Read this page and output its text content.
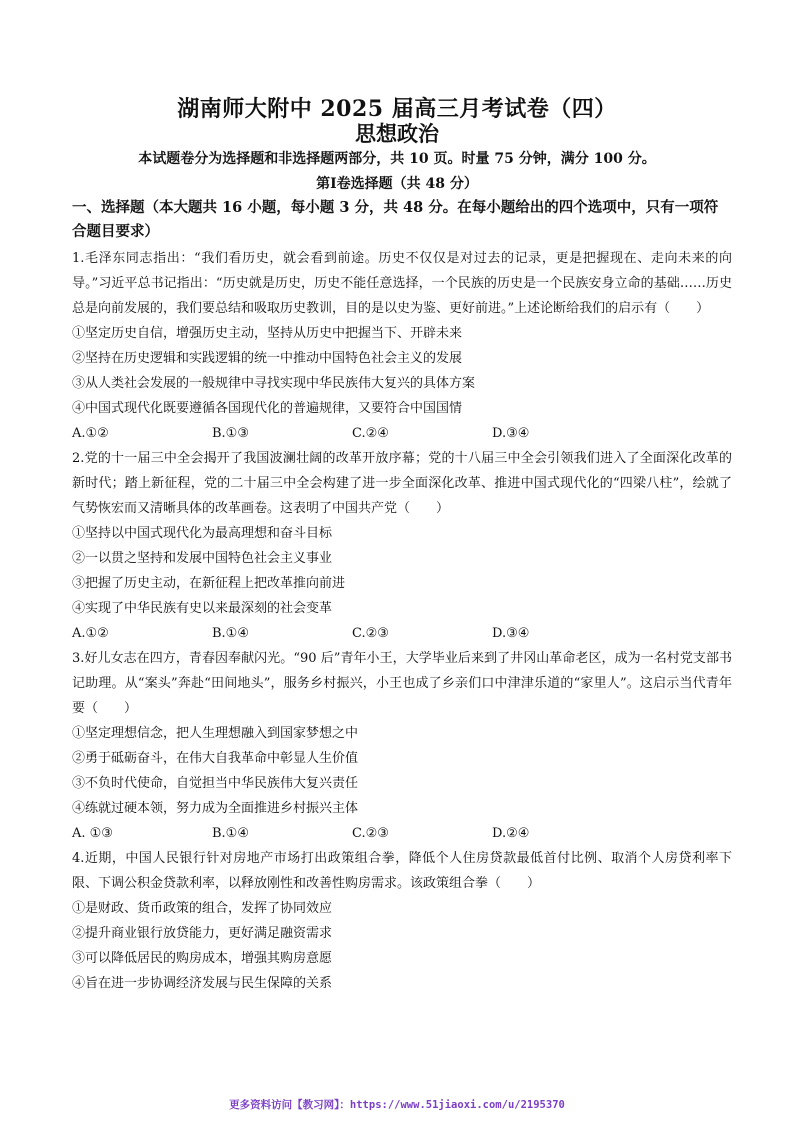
湖南师大附中 2025 届高三月考试卷（四）
思想政治
本试题卷分为选择题和非选择题两部分，共 10 页。时量 75 分钟，满分 100 分。
第Ⅰ卷选择题（共 48 分）
一、选择题（本大题共 16 小题，每小题 3 分，共 48 分。在每小题给出的四个选项中，只有一项符合题目要求）
1.毛泽东同志指出：“我们看历史，就会看到前途。历史不仅仅是对过去的记录，更是把握现在、走向未来的向导。”习近平总书记指出：“历史就是历史，历史不能任意选择，一个民族的历史是一个民族安身立命的基础……历史总是向前发展的，我们要总结和吸取历史教训，目的是以史为鉴、更好前进。”上述论断给我们的启示有（　　）
①坚定历史自信，增强历史主动，坚持从历史中把握当下、开辟未来
②坚持在历史逻辑和实践逻辑的统一中推动中国特色社会主义的发展
③从人类社会发展的一般规律中寻找实现中华民族伟大复兴的具体方案
④中国式现代化既要遵循各国现代化的普遍规律，又要符合中国国情
A.①②	B.①③	C.②④	D.③④
2.党的十一届三中全会揭开了我国波澜壮阔的改革开放序幕；党的十八届三中全会引领我们进入了全面深化改革的新时代；踏上新征程，党的二十届三中全会构建了进一步全面深化改革、推进中国式现代化的“四梁八柱”，绘就了气势恢宏而又清晰具体的改革画卷。这表明了中国共产党（　　）
①坚持以中国式现代化为最高理想和奋斗目标
②一以贯之坚持和发展中国特色社会主义事业
③把握了历史主动，在新征程上把改革推向前进
④实现了中华民族有史以来最深刻的社会变革
A.①②	B.①④	C.②③	D.③④
3.好儿女志在四方，青春因奉献闪光。“90 后”青年小王，大学毕业后来到了井冈山革命老区，成为一名村党支部书记助理。从“案头”奔赴“田间地头”，服务乡村振兴，小王也成了乡亲们口中津津乐道的“家里人”。这启示当代青年要（　　）
①坚定理想信念，把人生理想融入到国家梦想之中
②勇于砥砺奋斗，在伟大自我革命中彰显人生价值
③不负时代使命，自觉担当中华民族伟大复兴责任
④练就过硬本领，努力成为全面推进乡村振兴主体
A. ①③	B.①④	C.②③	D.②④
4.近期，中国人民银行针对房地产市场打出政策组合拳，降低个人住房贷款最低首付比例、取消个人房贷利率下限、下调公积金贷款利率，以释放刚性和改善性购房需求。该政策组合拳（　　）
①是财政、货币政策的组合，发挥了协同效应
②提升商业银行放贷能力，更好满足融资需求
③可以降低居民的购房成本，增强其购房意愿
④旨在进一步协调经济发展与民生保障的关系
更多资料访问【教习网】：https://www.51jiaoxi.com/u/2195370
